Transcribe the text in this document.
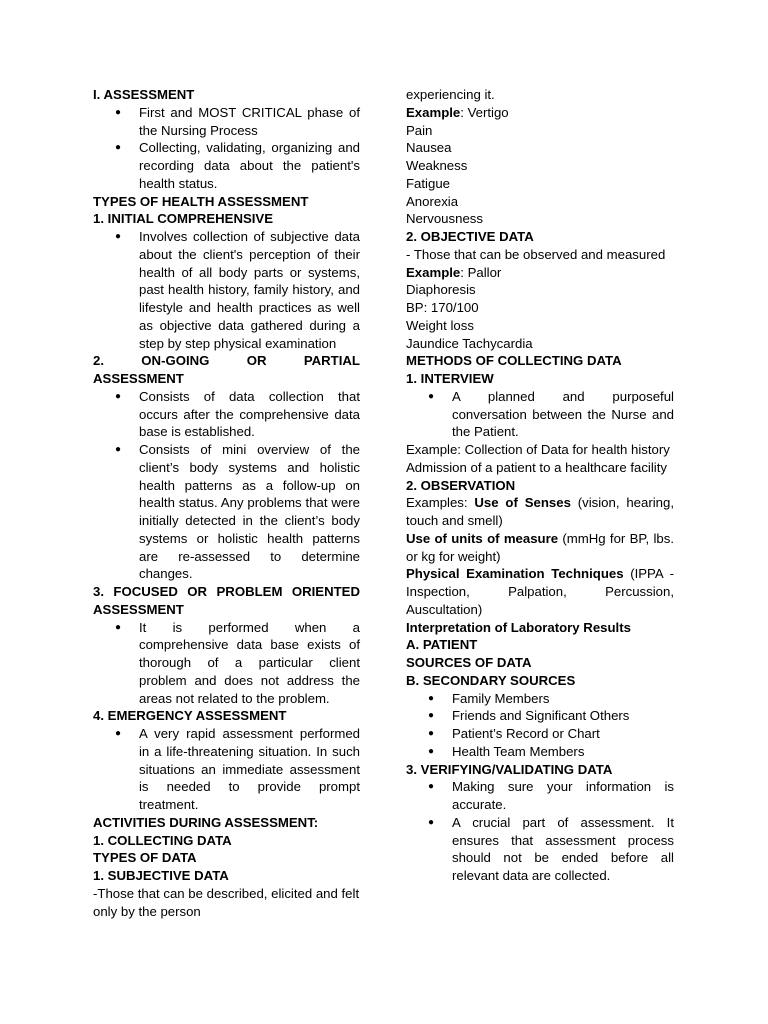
I. ASSESSMENT

● First and MOST CRITICAL phase of the Nursing Process
● Collecting, validating, organizing and recording data about the patient's health status.

TYPES OF HEALTH ASSESSMENT

1. INITIAL COMPREHENSIVE

● Involves collection of subjective data about the client's perception of their health of all body parts or systems, past health history, family history, and lifestyle and health practices as well as objective data gathered during a step by step physical examination
2.	ON-GOING	OR	PARTIAL

ASSESSMENT

● Consists of data collection that occurs after the comprehensive data base is established.
● Consists of mini overview of the client’s body systems and holistic health patterns as a follow-up on health status. Any problems that were initially detected in the client’s body systems or holistic health patterns are re-assessed to determine changes.

3. FOCUSED OR PROBLEM ORIENTED ASSESSMENT

● It is performed when a comprehensive data base exists of thorough of a particular client problem and does not address the areas not related to the problem.

4. EMERGENCY ASSESSMENT

● A very rapid assessment performed in a life-threatening situation. In such situations an immediate assessment is needed to provide prompt treatment.

ACTIVITIES DURING ASSESSMENT:

1. COLLECTING DATA

TYPES OF DATA

1. SUBJECTIVE DATA

-Those that can be described, elicited and felt only by the person

experiencing it.

Example: Vertigo

Pain

Nausea

Weakness

Fatigue

Anorexia

Nervousness

2. OBJECTIVE DATA

- Those that can be observed and measured

Example: Pallor

Diaphoresis

BP: 170/100

Weight loss

Jaundice Tachycardia

METHODS OF COLLECTING DATA

1. INTERVIEW

● A planned and purposeful conversation between the Nurse and the Patient.

Example: Collection of Data for health history

Admission of a patient to a healthcare facility

2. OBSERVATION

Examples: Use of Senses (vision, hearing, touch and smell)

Use of units of measure (mmHg for BP, lbs. or kg for weight)

Physical Examination Techniques (IPPA - Inspection, Palpation, Percussion, Auscultation)

Interpretation of Laboratory Results

A. PATIENT

SOURCES OF DATA

B. SECONDARY SOURCES

● Family Members
● Friends and Significant Others
● Patient’s Record or Chart
● Health Team Members

3. VERIFYING/VALIDATING DATA

● Making sure your information is accurate.
● A crucial part of assessment. It ensures that assessment process should not be ended before all relevant data are collected.
